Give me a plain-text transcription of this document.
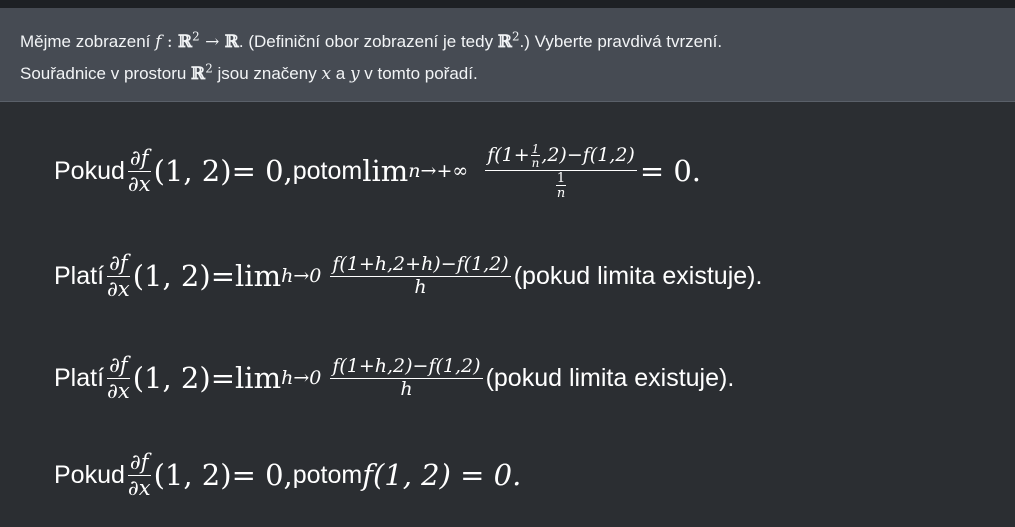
Mějme zobrazení f : ℝ$^2$ → ℝ. (Definiční obor zobrazení je tedy ℝ$^2$.) Vyberte pravdivá tvrzení.
Souřadnice v prostoru ℝ$^2$ jsou značeny x a y v tomto pořadí.
Pokud $\frac{\partial f}{\partial x} (1$, 2) = 0, potom $\lim n\to+\infty \frac{f(1+ \frac{1}{n} ,2)-f(1,2)}{\frac{1}{n}} = 0$.
Platí $\frac{\partial f}{\partial x} (1$, $2) = \lim h\to 0 \frac{f(1+h,2+h)-f(1,2)}{h}$ (pokud limita existuje).
Platí $\frac{\partial f}{\partial x} (1$, $2) = \lim h\to 0 \frac{f(1+h,2)-f(1,2)}{h}$ (pokud limita existuje).
Pokud $\frac{\partial f}{\partial x} (1$, 2) = 0, potom f(1, 2) = 0.
